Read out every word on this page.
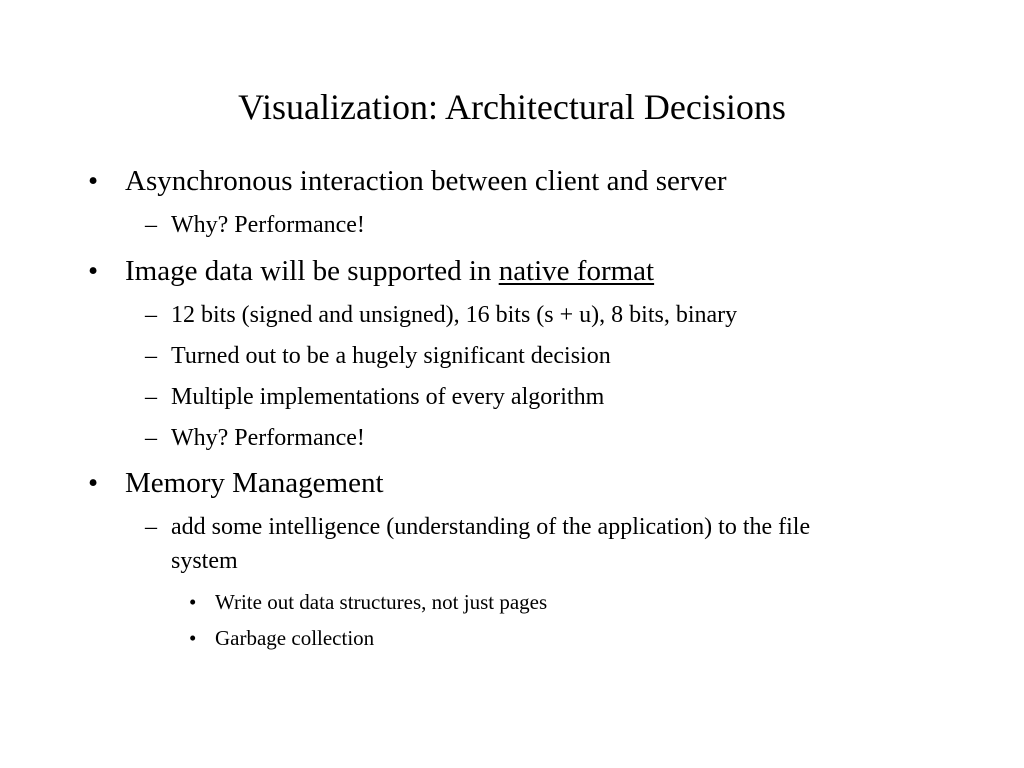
Visualization: Architectural Decisions
• Asynchronous interaction between client and server
– Why? Performance!
• Image data will be supported in native format
– 12 bits (signed and unsigned), 16 bits (s + u), 8 bits, binary
– Turned out to be a hugely significant decision
– Multiple implementations of every algorithm
– Why? Performance!
• Memory Management
– add some intelligence (understanding of the application) to the file
system
• Write out data structures, not just pages
• Garbage collection
